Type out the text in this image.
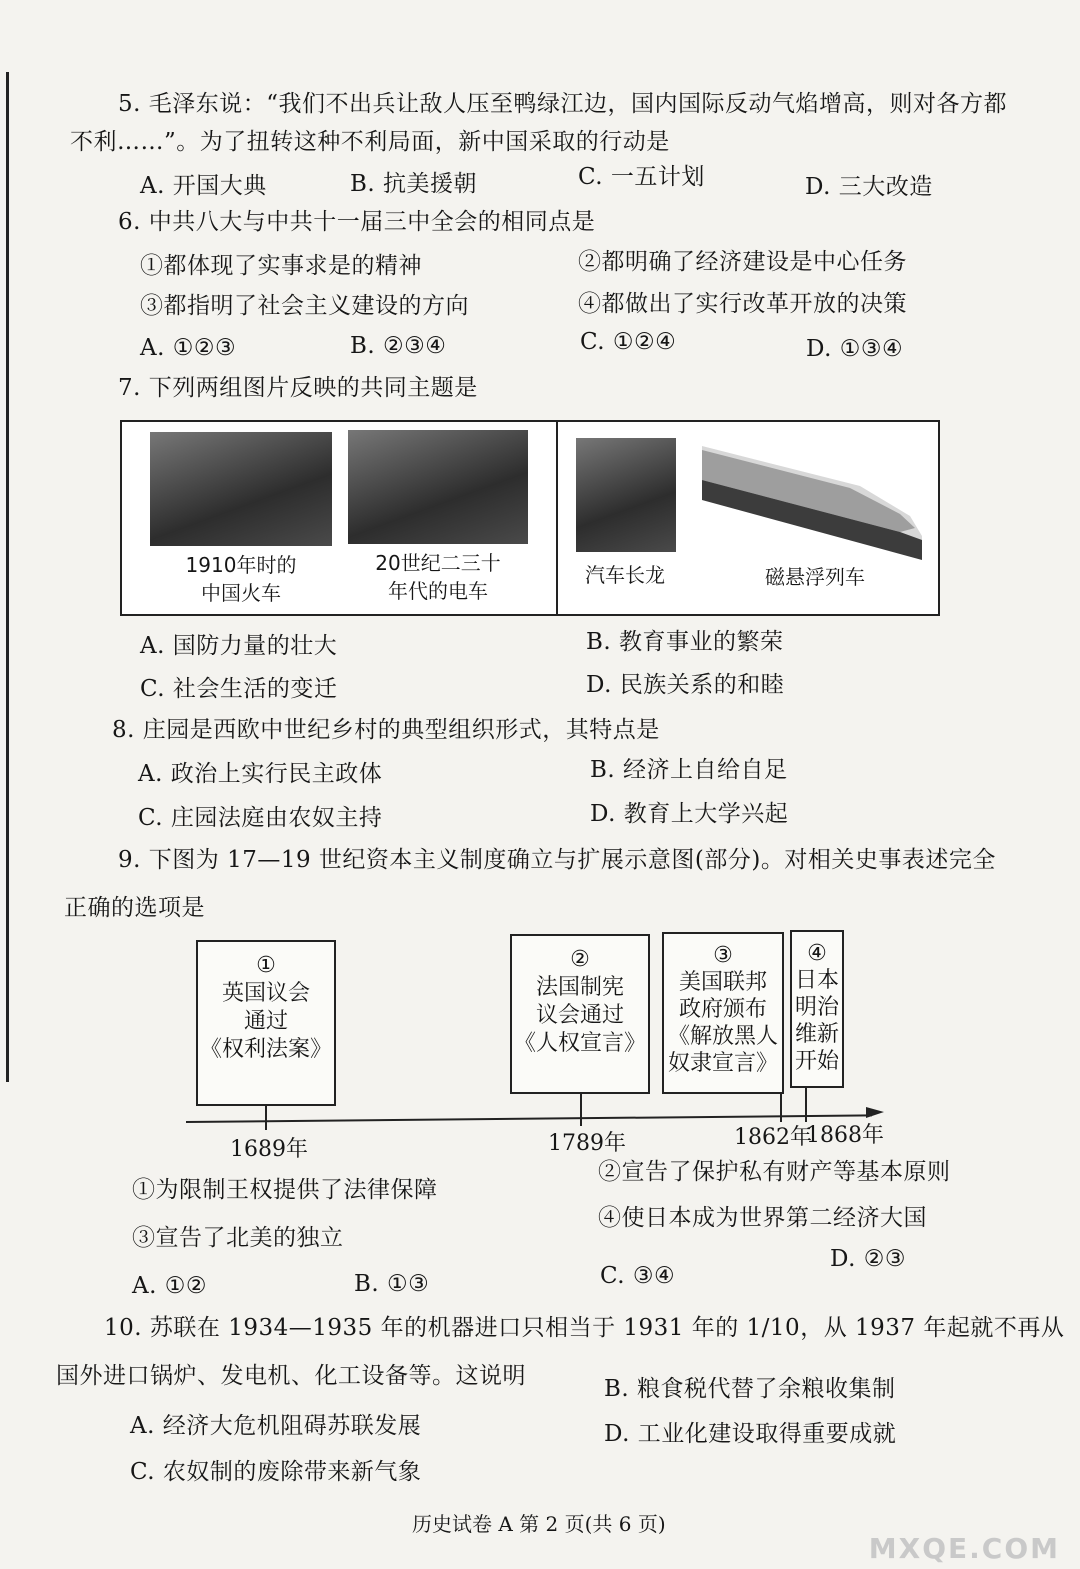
5. 毛泽东说：“我们不出兵让敌人压至鸭绿江边，国内国际反动气焰增高，则对各方都
不利……”。为了扭转这种不利局面，新中国采取的行动是
A. 开国大典	B. 抗美援朝	C. 一五计划	D. 三大改造
6. 中共八大与中共十一届三中全会的相同点是
①都体现了实事求是的精神	②都明确了经济建设是中心任务
③都指明了社会主义建设的方向	④都做出了实行改革开放的决策
A. ①②③	B. ②③④	C. ①②④	D. ①③④
7. 下列两组图片反映的共同主题是
1910年时的
中国火车
20世纪二三十
年代的电车
汽车长龙	磁悬浮列车
A. 国防力量的壮大	B. 教育事业的繁荣
C. 社会生活的变迁	D. 民族关系的和睦
8. 庄园是西欧中世纪乡村的典型组织形式，其特点是
A. 政治上实行民主政体	B. 经济上自给自足
C. 庄园法庭由农奴主持	D. 教育上大学兴起
9. 下图为 17—19 世纪资本主义制度确立与扩展示意图(部分)。对相关史事表述完全
正确的选项是
①
英国议会
通过
《权利法案》
②
法国制宪
议会通过
《人权宣言》
③
美国联邦
政府颁布
《解放黑人
奴隶宣言》
④
日本
明治
维新
开始
1689年	1789年	1862年
1868年
①为限制王权提供了法律保障
②宣告了保护私有财产等基本原则
③宣告了北美的独立
④使日本成为世界第二经济大国
A. ①②	B. ①③	C. ③④
D. ②③
10. 苏联在 1934—1935 年的机器进口只相当于 1931 年的 1/10，从 1937 年起就不再从
国外进口锅炉、发电机、化工设备等。这说明
A. 经济大危机阻碍苏联发展
B. 粮食税代替了余粮收集制
C. 农奴制的废除带来新气象
D. 工业化建设取得重要成就
历史试卷 A 第 2 页(共 6 页)
MXQE.COM
